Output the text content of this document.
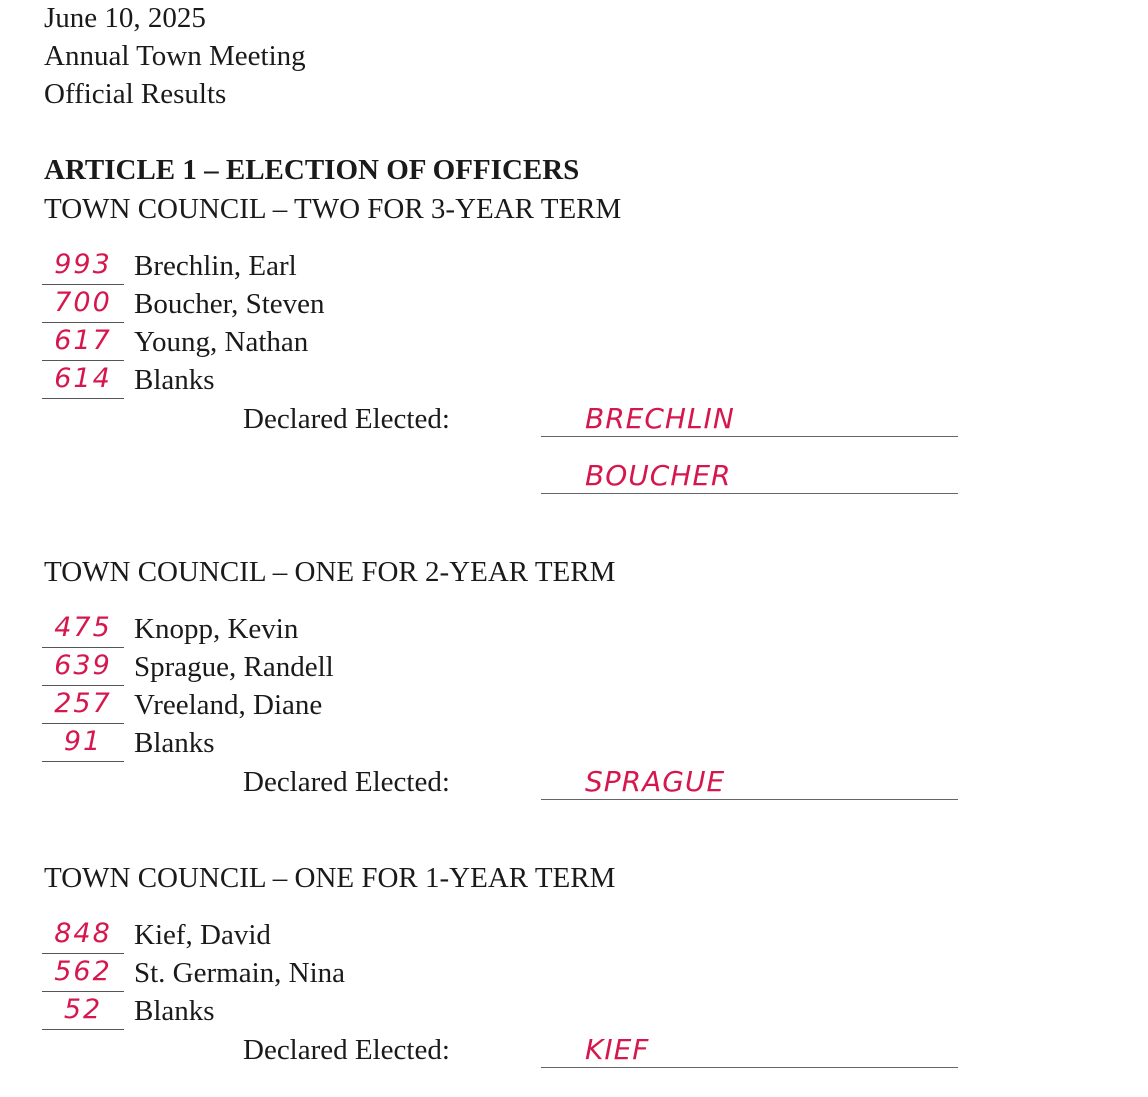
June 10, 2025
Annual Town Meeting
Official Results
ARTICLE 1 – ELECTION OF OFFICERS
TOWN COUNCIL – TWO FOR 3-YEAR TERM
993 Brechlin, Earl
700 Boucher, Steven
617 Young, Nathan
614 Blanks
Declared Elected:	BRECHLIN
BOUCHER
TOWN COUNCIL – ONE FOR 2-YEAR TERM
475 Knopp, Kevin
639 Sprague, Randell
257 Vreeland, Diane
91	Blanks
Declared Elected:	SPRAGUE
TOWN COUNCIL – ONE FOR 1-YEAR TERM
848 Kief, David
562 St. Germain, Nina
52	Blanks
Declared Elected:	KIEF
